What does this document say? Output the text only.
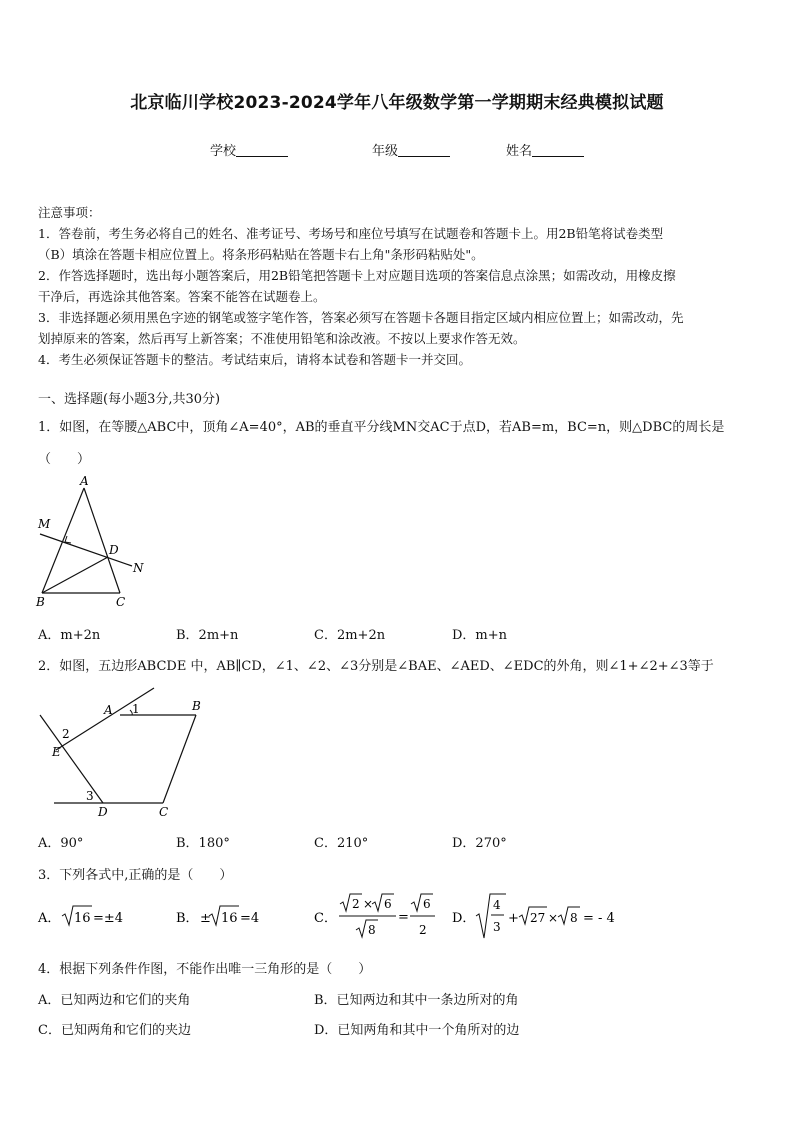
北京临川学校2023-2024学年八年级数学第一学期期末经典模拟试题
学校	年级	姓名
注意事项：
1．答卷前，考生务必将自己的姓名、准考证号、考场号和座位号填写在试题卷和答题卡上。用2B铅笔将试卷类型
（B）填涂在答题卡相应位置上。将条形码粘贴在答题卡右上角"条形码粘贴处"。
2．作答选择题时，选出每小题答案后，用2B铅笔把答题卡上对应题目选项的答案信息点涂黑；如需改动，用橡皮擦
干净后，再选涂其他答案。答案不能答在试题卷上。
3．非选择题必须用黑色字迹的钢笔或签字笔作答，答案必须写在答题卡各题目指定区域内相应位置上；如需改动，先
划掉原来的答案，然后再写上新答案；不准使用铅笔和涂改液。不按以上要求作答无效。
4．考生必须保证答题卡的整洁。考试结束后，请将本试卷和答题卡一并交回。
一、选择题(每小题3分,共30分)
1．如图，在等腰△ABC中，顶角∠A=40°，AB的垂直平分线MN交AC于点D，若AB=m，BC=n，则△DBC的周长是
（　　）
A
M
D
N
B	C
A．m+2n	B．2m+n	C．2m+2n	D．m+n
2．如图，五边形ABCDE 中，AB∥CD，∠1、∠2、∠3分别是∠BAE、∠AED、∠EDC的外角，则∠1+∠2+∠3等于
A 1	B
2
E
3
D	C
A．90°	B．180°	C．210°	D．270°
3．下列各式中,正确的是（　　）
A． 16 =±4	B． ± 16 =4	C．
2 × 6
8
=
6
2
D．
4
3
+ 27 × 8 = - 4
4．根据下列条件作图，不能作出唯一三角形的是（　　）
A．已知两边和它们的夹角	B．已知两边和其中一条边所对的角
C．已知两角和它们的夹边	D．已知两角和其中一个角所对的边
